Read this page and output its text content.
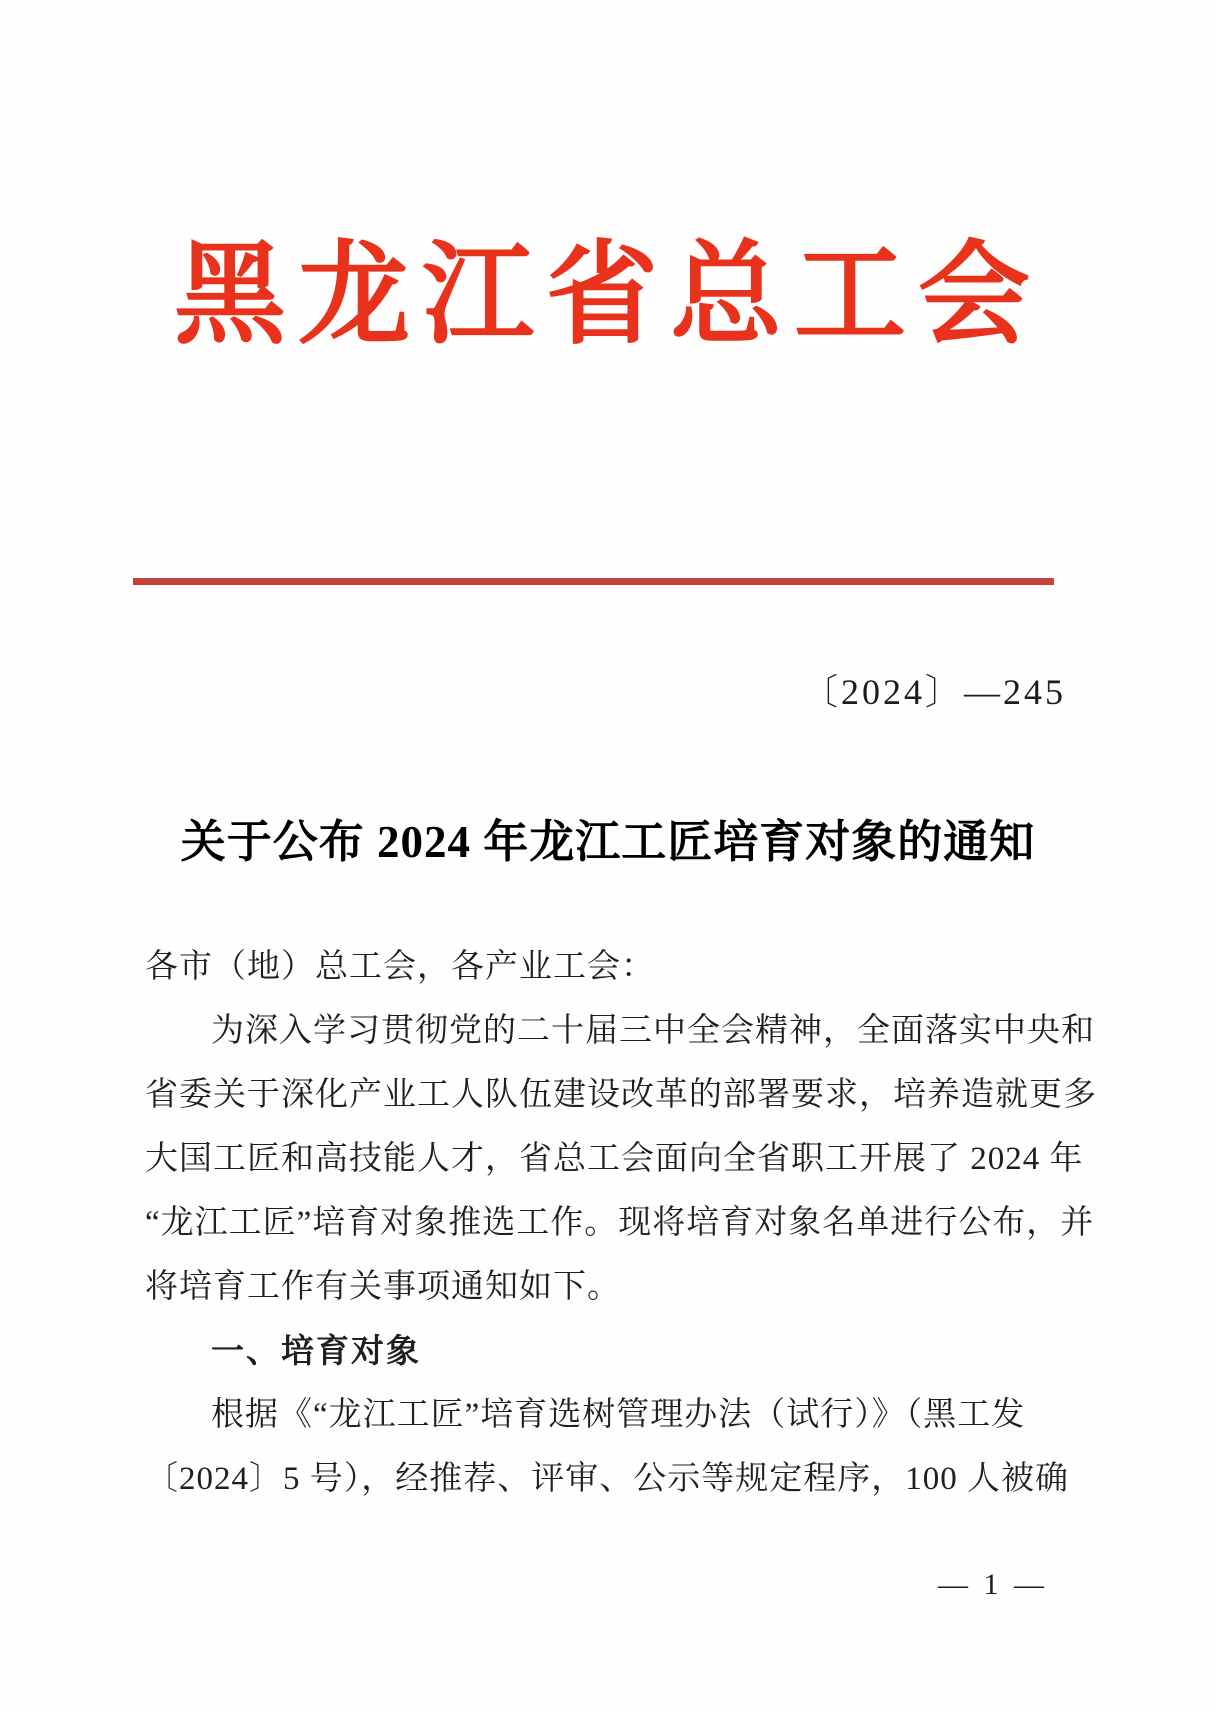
黑龙江省总工会
〔2024〕—245
关于公布 2024 年龙江工匠培育对象的通知
各市（地）总工会，各产业工会：
为深入学习贯彻党的二十届三中全会精神，全面落实中央和
省委关于深化产业工人队伍建设改革的部署要求，培养造就更多
大国工匠和高技能人才，省总工会面向全省职工开展了 2024 年
“龙江工匠”培育对象推选工作。现将培育对象名单进行公布，并
将培育工作有关事项通知如下。
一、培育对象
根据《“龙江工匠”培育选树管理办法（试行）》（黑工发
〔2024〕5 号），经推荐、评审、公示等规定程序，100 人被确
— 1 —
